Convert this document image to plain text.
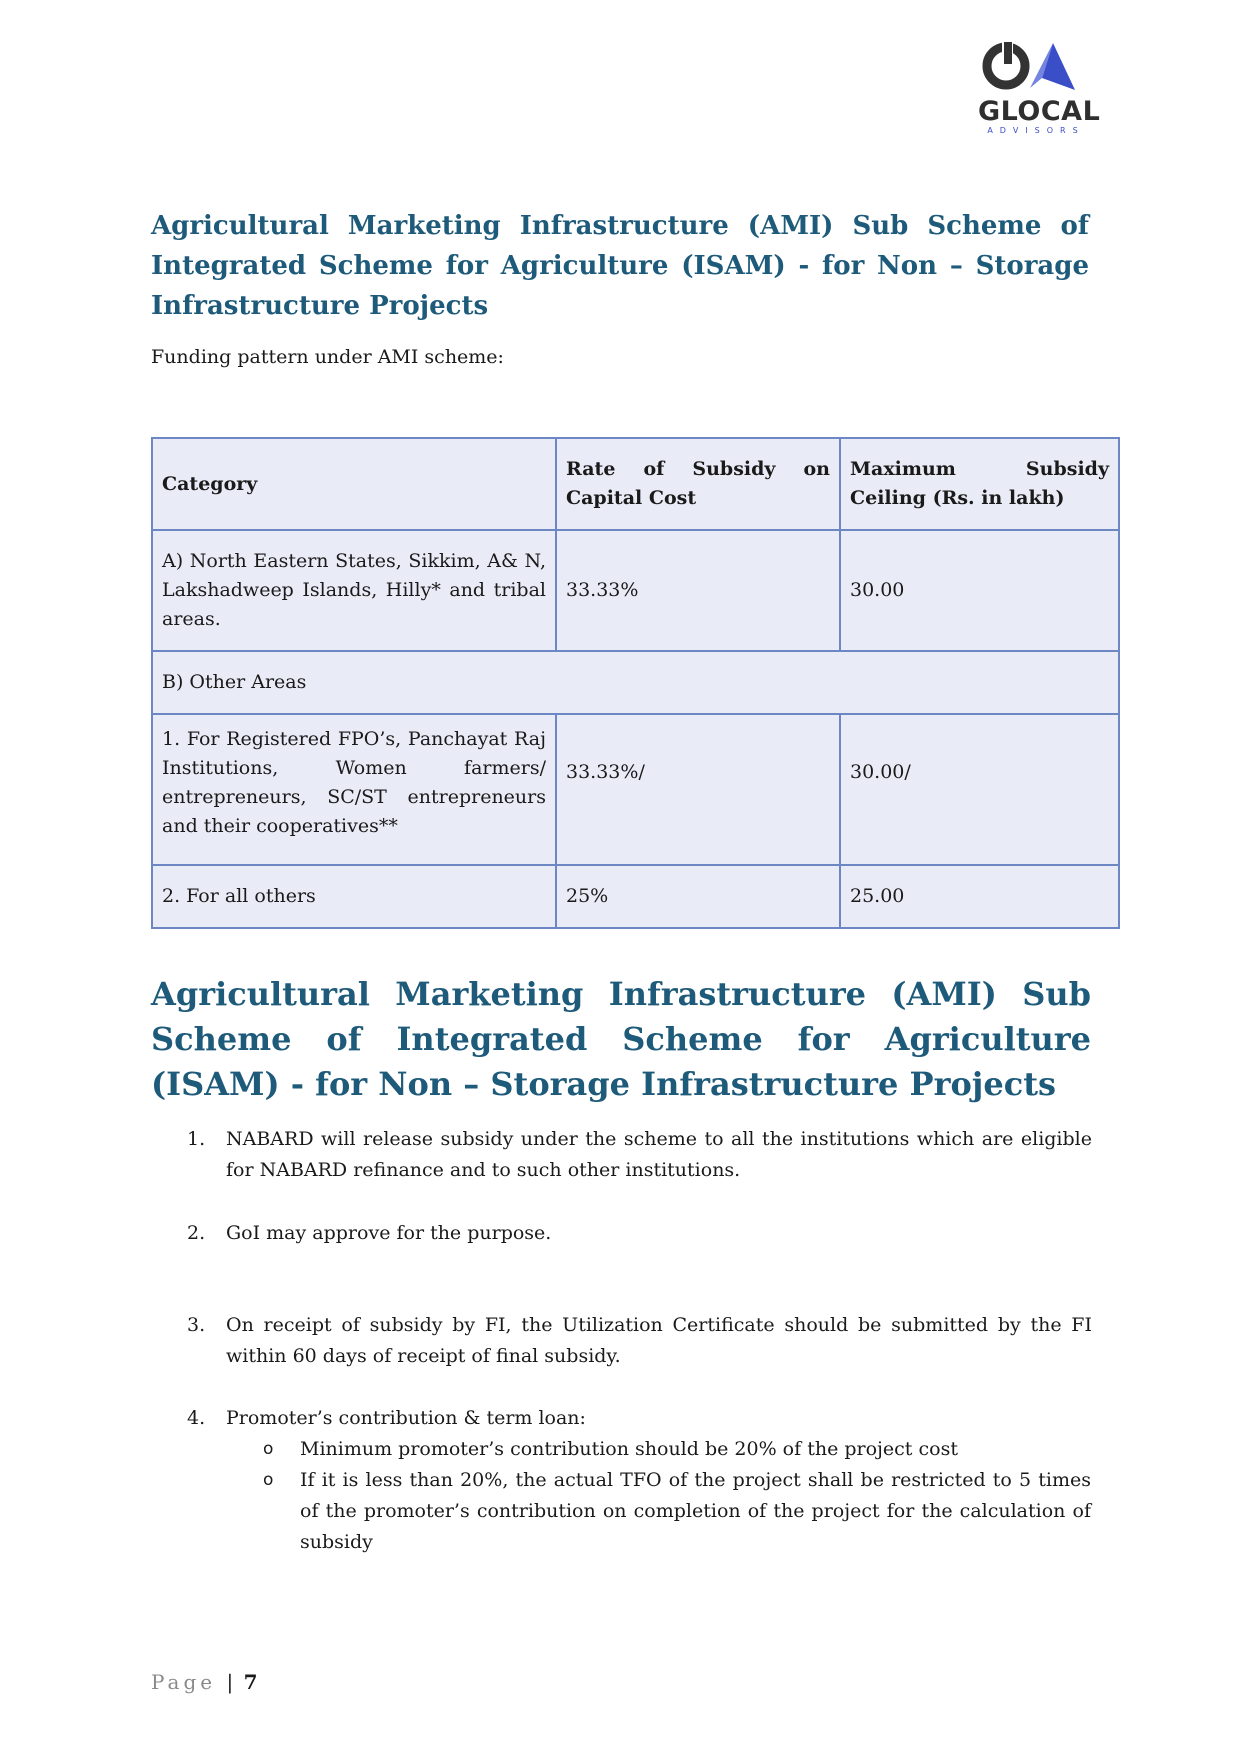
GLOCAL
ADVISORS
Agricultural Marketing Infrastructure (AMI) Sub Scheme of Integrated Scheme for Agriculture (ISAM) - for Non – Storage Infrastructure Projects

Funding pattern under AMI scheme:

Category	Rate of Subsidy on Capital Cost	Maximum Subsidy Ceiling (Rs. in lakh)
A) North Eastern States, Sikkim, A& N, Lakshadweep Islands, Hilly* and tribal areas.	33.33%	30.00
B) Other Areas		
1. For Registered FPO’s, Panchayat Raj Institutions, Women farmers/ entrepreneurs, SC/ST entrepreneurs and their cooperatives**	33.33%/	30.00/
2. For all others	25%	25.00
Agricultural Marketing Infrastructure (AMI) Sub Scheme of Integrated Scheme for Agriculture (ISAM) - for Non – Storage Infrastructure Projects
1. NABARD will release subsidy under the scheme to all the institutions which are eligible for NABARD refinance and to such other institutions.
2. GoI may approve for the purpose.
3. On receipt of subsidy by FI, the Utilization Certificate should be submitted by the FI within 60 days of receipt of final subsidy.
4. Promoter’s contribution & term loan:
o Minimum promoter’s contribution should be 20% of the project cost
o If it is less than 20%, the actual TFO of the project shall be restricted to 5 times of the promoter’s contribution on completion of the project for the calculation of subsidy
Page | 7
